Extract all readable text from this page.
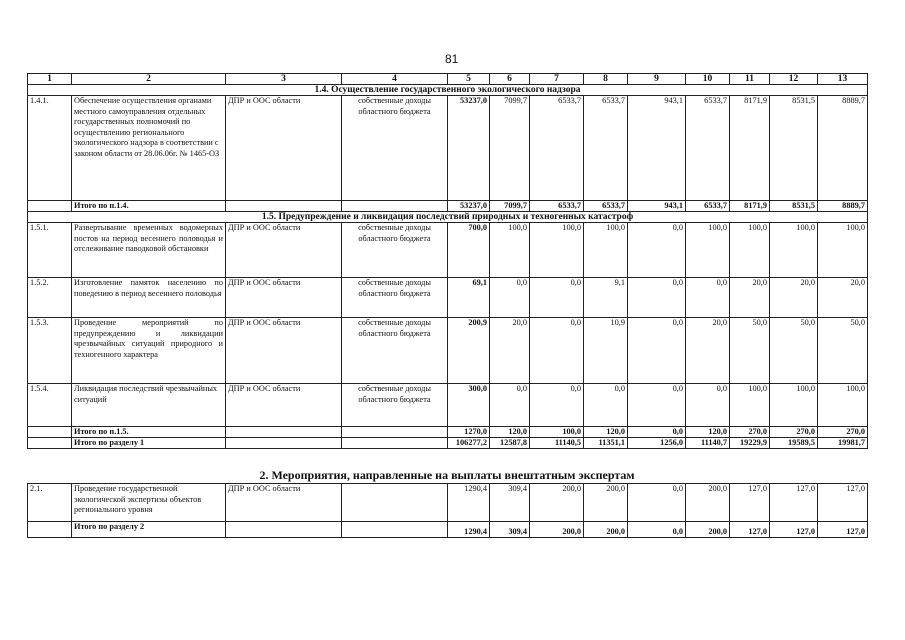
81
1	2	3	4	5	6	7	8	9	10	11	12	13
1.4. Осуществление государственного экологического надзора												
1.4.1.	Обеспечение осуществления органами местного самоуправления отдельных государственных полномочий по осуществлению регионального экологического надзора в соответствии с законом области от 28.06.06г. № 1465-ОЗ	ДПР и ООС области	собственные доходы областного бюджета	53237,0	7099,7	6533,7	6533,7	943,1	6533,7	8171,9	8531,5	8889,7
	Итого по п.1.4.			53237,0	7099,7	6533,7	6533,7	943,1	6533,7	8171,9	8531,5	8889,7
1.5. Предупреждение и ликвидация последствий природных и техногенных катастроф												
1.5.1.	Развертывание временных водомерных постов на период весеннего половодья и отслеживание паводковой обстановки	ДПР и ООС области	собственные доходы областного бюджета	700,0	100,0	100,0	100,0	0,0	100,0	100,0	100,0	100,0
1.5.2.	Изготовление памяток населению по поведению в период весеннего половодья	ДПР и ООС области	собственные доходы областного бюджета	69,1	0,0	0,0	9,1	0,0	0,0	20,0	20,0	20,0
1.5.3.	Проведение мероприятий по предупреждению и ликвидации чрезвычайных ситуаций природного и техногенного характера	ДПР и ООС области	собственные доходы областного бюджета	200,9	20,0	0,0	10,9	0,0	20,0	50,0	50,0	50,0
1.5.4.	Ликвидация последствий чрезвычайных ситуаций	ДПР и ООС области	собственные доходы областного бюджета	300,0	0,0	0,0	0,0	0,0	0,0	100,0	100,0	100,0
	Итого по п.1.5.			1270,0	120,0	100,0	120,0	0,0	120,0	270,0	270,0	270,0
	Итого по разделу 1			106277,2	12587,8	11140,5	11351,1	1256,0	11140,7	19229,9	19589,5	19981,7
2. Мероприятия, направленные на выплаты внештатным экспертам
2.1.	Проведение государственной экологической экспертизы объектов регионального уровня	ДПР и ООС области		1290,4	309,4	200,0	200,0	0,0	200,0	127,0	127,0	127,0
	Итого по разделу 2			1290,4	309,4	200,0	200,0	0,0	200,0	127,0	127,0	127,0
